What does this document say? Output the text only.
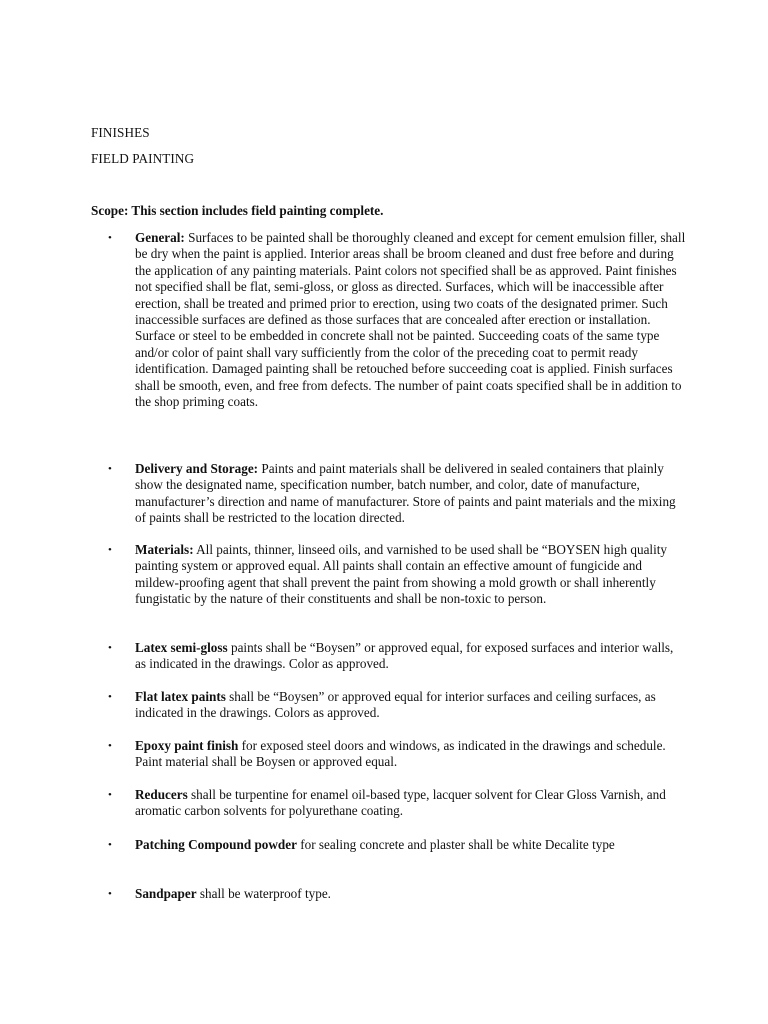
FINISHES

FIELD PAINTING

Scope: This section includes field painting complete.

•	General: Surfaces to be painted shall be thoroughly cleaned and except for cement emulsion filler, shall be dry when the paint is applied. Interior areas shall be broom cleaned and dust free before and during the application of any painting materials. Paint colors not specified shall be as approved. Paint finishes not specified shall be flat, semi-gloss, or gloss as directed. Surfaces, which will be inaccessible after erection, shall be treated and primed prior to erection, using two coats of the designated primer. Such inaccessible surfaces are defined as those surfaces that are concealed after erection or installation. Surface or steel to be embedded in concrete shall not be painted. Succeeding coats of the same type and/or color of paint shall vary sufficiently from the color of the preceding coat to permit ready identification. Damaged painting shall be retouched before succeeding coat is applied. Finish surfaces shall be smooth, even, and free from defects. The number of paint coats specified shall be in addition to the shop priming coats.

•	Delivery and Storage: Paints and paint materials shall be delivered in sealed containers that plainly show the designated name, specification number, batch number, and color, date of manufacture, manufacturer’s direction and name of manufacturer. Store of paints and paint materials and the mixing of paints shall be restricted to the location directed.

•	Materials: All paints, thinner, linseed oils, and varnished to be used shall be “BOYSEN high quality painting system or approved equal. All paints shall contain an effective amount of fungicide and mildew-proofing agent that shall prevent the paint from showing a mold growth or shall inherently fungistatic by the nature of their constituents and shall be non-toxic to person.

•	Latex semi-gloss paints shall be “Boysen” or approved equal, for exposed surfaces and interior walls, as indicated in the drawings. Color as approved.

•	Flat latex paints shall be “Boysen” or approved equal for interior surfaces and ceiling surfaces, as indicated in the drawings. Colors as approved.

•	Epoxy paint finish for exposed steel doors and windows, as indicated in the drawings and schedule. Paint material shall be Boysen or approved equal.

•	Reducers shall be turpentine for enamel oil-based type, lacquer solvent for Clear Gloss Varnish, and aromatic carbon solvents for polyurethane coating.

•	Patching Compound powder for sealing concrete and plaster shall be white Decalite type

•	Sandpaper shall be waterproof type.
